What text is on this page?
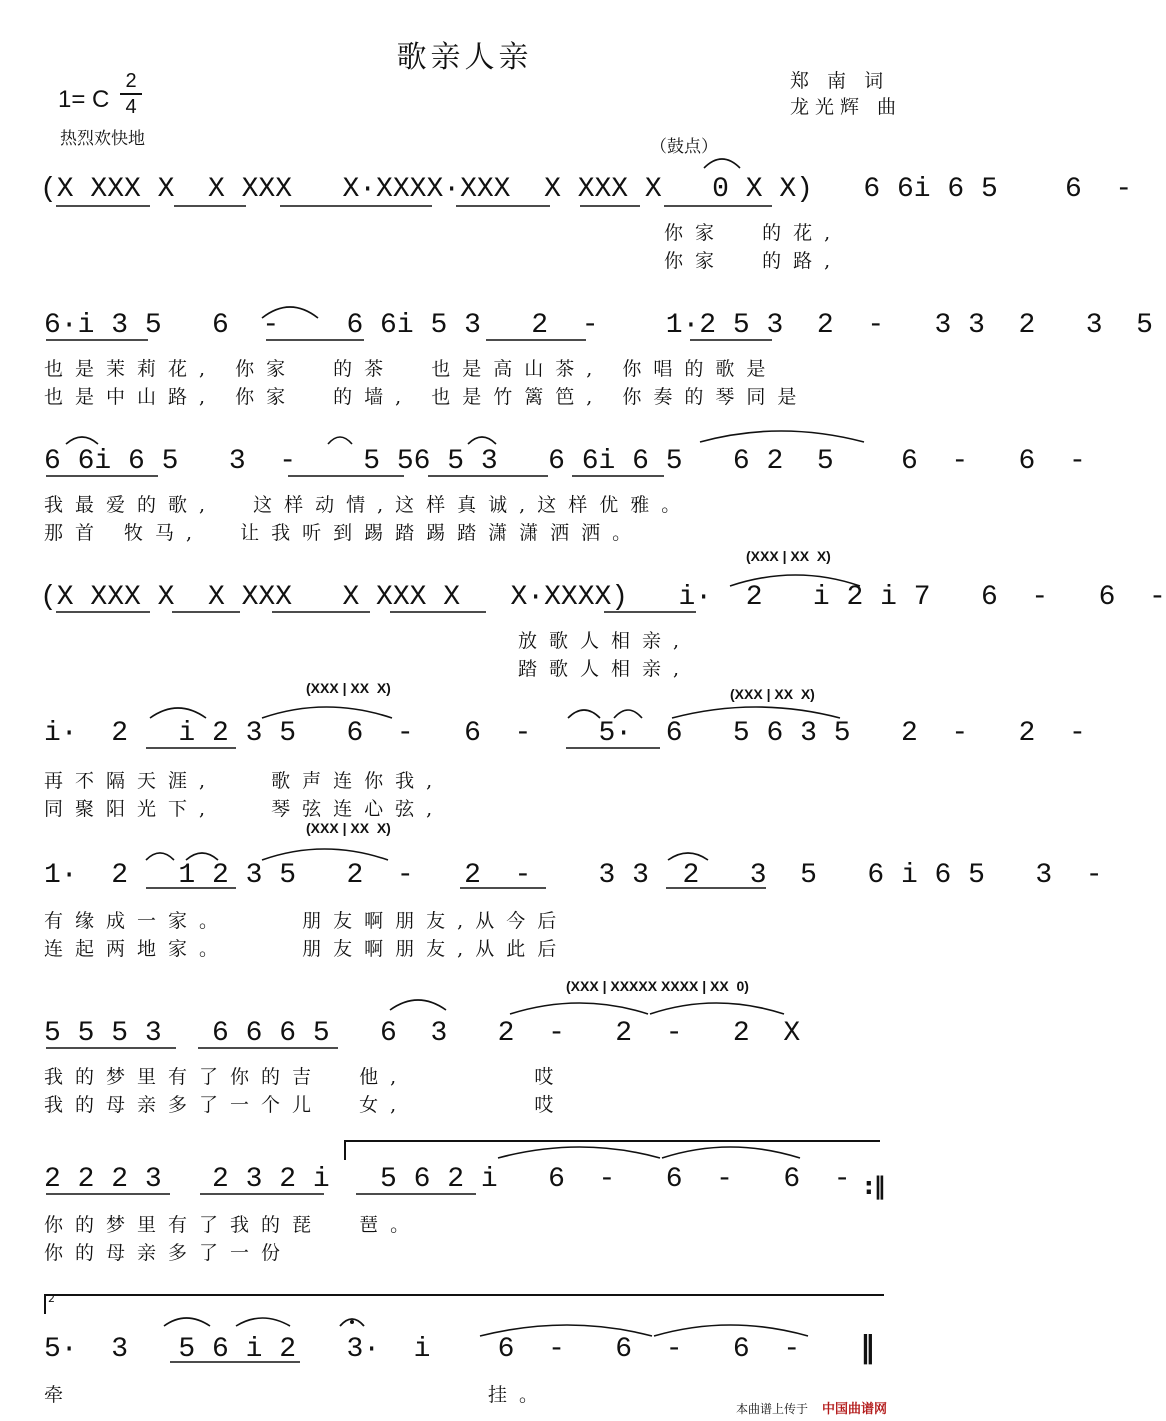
歌亲人亲
郑 南 词
龙光辉 曲
1= C
2
4
热烈欢快地	（鼓点）
(X XXX X  X XXX   X·XXXX·XXX  X XXX X   0 X X)   6 6i 6 5    6  -
你家  的花,
你家  的路,
6·i 3 5   6  -    6 6i 5 3   2  -    1·2 5 3  2  -   3 3  2   3  5
也是茉莉花, 你家  的茶  也是高山茶, 你唱的歌是
也是中山路, 你家  的墙, 也是竹篱笆, 你奏的琴同是
6 6i 6 5   3  -    5 56 5 3   6 6i 6 5   6 2  5    6  -   6  -
我最爱的歌,  这样动情,这样真诚,这样优雅。
那首 牧马,  让我听到踢踏踢踏潇潇洒洒。
(XXX | XX  X)
(X XXX X  X XXX   X XXX X   X·XXXX)   i·  2   i 2 i 7   6  -   6  -
放歌人相亲,
踏歌人相亲,
(XXX | XX  X)	(XXX | XX  X)
i·  2   i 2 3 5   6  -   6  -    5·  6   5 6 3 5   2  -   2  -
再不隔天涯,   歌声连你我,
同聚阳光下,   琴弦连心弦,
(XXX | XX  X)
1·  2   1 2 3 5   2  -   2  -    3 3  2   3  5   6 i 6 5   3  -
有缘成一家。    朋友啊朋友,从今后
连起两地家。    朋友啊朋友,从此后
(XXX | XXXXX XXXX | XX  0)
5 5 5 3   6 6 6 5   6  3   2  -   2  -   2  X
我的梦里有了你的吉  他,       哎
我的母亲多了一个儿  女,       哎
2 2 2 3   2 3 2 i   5 6 2 i   6  -   6  -   6  -
你的梦里有了我的琵  琶。
你的母亲多了一份
:‖
2
5·  3   5 6 i 2   3·  i    6  -   6  -   6  -
牵	挂。
‖
本曲谱上传于 中国曲谱网
